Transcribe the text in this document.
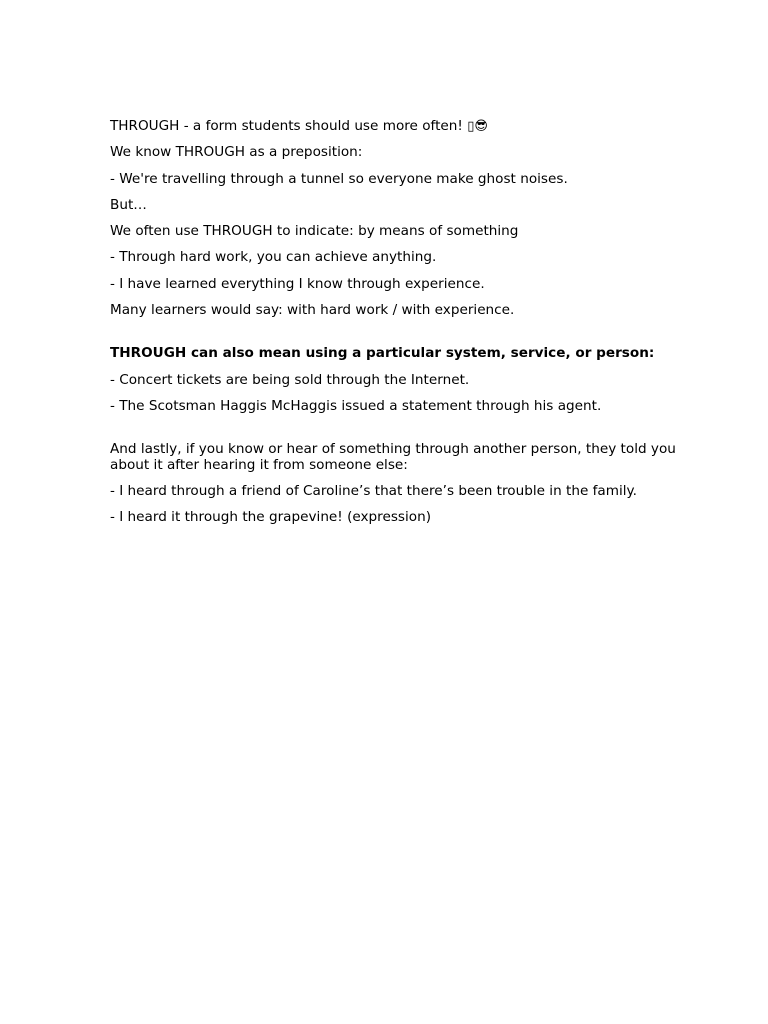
THROUGH - a form students should use more often! ▯😎

We know THROUGH as a preposition:

- We're travelling through a tunnel so everyone make ghost noises.

But…

We often use THROUGH to indicate: by means of something

- Through hard work, you can achieve anything.

- I have learned everything I know through experience.

Many learners would say: with hard work / with experience.

THROUGH can also mean using a particular system, service, or person:

- Concert tickets are being sold through the Internet.

- The Scotsman Haggis McHaggis issued a statement through his agent.

And lastly, if you know or hear of something through another person, they told you about it after hearing it from someone else:

- I heard through a friend of Caroline’s that there’s been trouble in the family.

- I heard it through the grapevine! (expression)
